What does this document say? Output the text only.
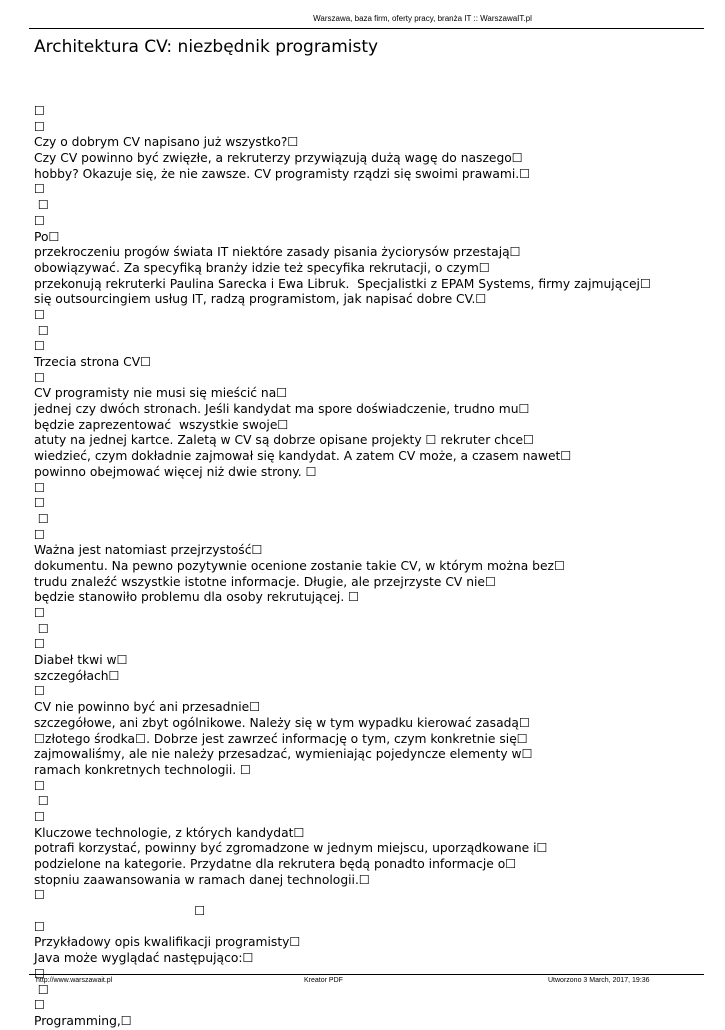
Warszawa, baza firm, oferty pracy, branża IT :: WarszawaIT.pl
Architektura CV: niezbędnik programisty
☐
☐
Czy o dobrym CV napisano już wszystko?☐
Czy CV powinno być zwięzłe, a rekruterzy przywiązują dużą wagę do naszego☐
hobby? Okazuje się, że nie zawsze. CV programisty rządzi się swoimi prawami.☐
☐
☐
☐
Po☐
przekroczeniu progów świata IT niektóre zasady pisania życiorysów przestają☐
obowiązywać. Za specyfiką branży idzie też specyfika rekrutacji, o czym☐
przekonują rekruterki Paulina Sarecka i Ewa Libruk.  Specjalistki z EPAM Systems, firmy zajmującej☐
się outsourcingiem usług IT, radzą programistom, jak napisać dobre CV.☐
☐
☐
☐
Trzecia strona CV☐
☐
CV programisty nie musi się mieścić na☐
jednej czy dwóch stronach. Jeśli kandydat ma spore doświadczenie, trudno mu☐
będzie zaprezentować  wszystkie swoje☐
atuty na jednej kartce. Zaletą w CV są dobrze opisane projekty ☐ rekruter chce☐
wiedzieć, czym dokładnie zajmował się kandydat. A zatem CV może, a czasem nawet☐
powinno obejmować więcej niż dwie strony. ☐
☐
☐
☐
☐
Ważna jest natomiast przejrzystość☐
dokumentu. Na pewno pozytywnie ocenione zostanie takie CV, w którym można bez☐
trudu znaleźć wszystkie istotne informacje. Długie, ale przejrzyste CV nie☐
będzie stanowiło problemu dla osoby rekrutującej. ☐
☐
☐
☐
Diabeł tkwi w☐
szczegółach☐
☐
CV nie powinno być ani przesadnie☐
szczegółowe, ani zbyt ogólnikowe. Należy się w tym wypadku kierować zasadą☐
☐złotego środka☐. Dobrze jest zawrzeć informację o tym, czym konkretnie się☐
zajmowaliśmy, ale nie należy przesadzać, wymieniając pojedyncze elementy w☐
ramach konkretnych technologii. ☐
☐
☐
☐
Kluczowe technologie, z których kandydat☐
potrafi korzystać, powinny być zgromadzone w jednym miejscu, uporządkowane i☐
podzielone na kategorie. Przydatne dla rekrutera będą ponadto informacje o☐
stopniu zaawansowania w ramach danej technologii.☐
☐
☐
☐
Przykładowy opis kwalifikacji programisty☐
Java może wyglądać następująco:☐
☐
☐
☐
Programming,☐
http://www.warszawait.pl	Kreator PDF	Utworzono 3 March, 2017, 19:36
